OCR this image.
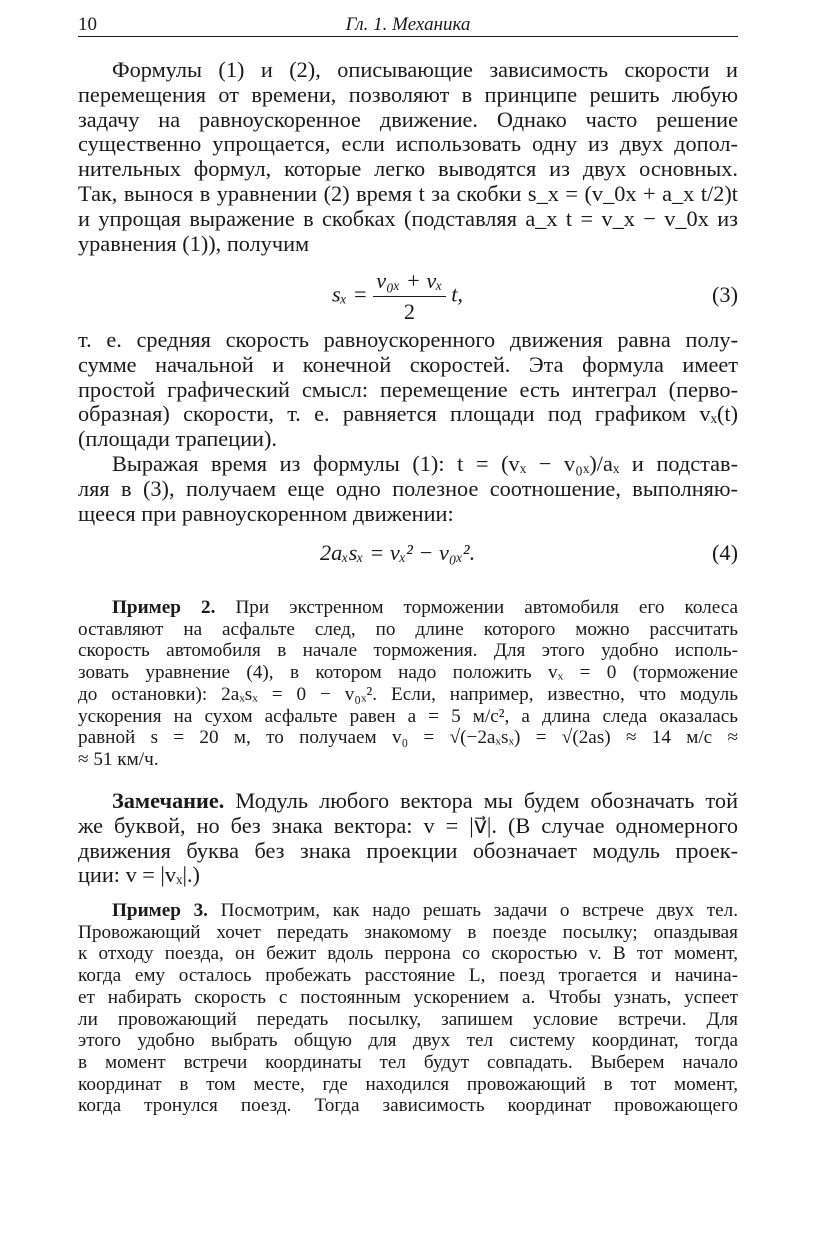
10	Гл. 1. Механика
Формулы (1) и (2), описывающие зависимость скорости и
перемещения от времени, позволяют в принципе решить любую
задачу на равноускоренное движение. Однако часто решение
существенно упрощается, если использовать одну из двух допол-
нительных формул, которые легко выводятся из двух основных.
Так, вынося в уравнении (2) время t за скобки s_x = (v_0x + a_x t/2)t
и упрощая выражение в скобках (подставляя a_x t = v_x − v_0x из
уравнения (1)), получим
$s_x = \frac{\text{v₀ₓ + vₓ}}{2} t$,	(3)
т. е. средняя скорость равноускоренного движения равна полу-
сумме начальной и конечной скоростей. Эта формула имеет
простой графический смысл: перемещение есть интеграл (перво-
образная) скорости, т. е. равняется площади под графиком vₓ(t)
(площади трапеции).
Выражая время из формулы (1): t = (vₓ − v₀ₓ)/aₓ и подстав-
ляя в (3), получаем еще одно полезное соотношение, выполняю-
щееся при равноускоренном движении:
2aₓsₓ = vₓ² − v₀ₓ².	(4)
Пример 2. При экстренном торможении автомобиля его колеса
оставляют на асфальте след, по длине которого можно рассчитать
скорость автомобиля в начале торможения. Для этого удобно исполь-
зовать уравнение (4), в котором надо положить vₓ = 0 (торможение
до остановки): 2aₓsₓ = 0 − v₀ₓ². Если, например, известно, что модуль
ускорения на сухом асфальте равен a = 5 м/с², а длина следа оказалась
равной s = 20 м, то получаем v₀ = √(−2aₓsₓ) = √(2as) ≈ 14 м/с ≈
≈ 51 км/ч.
Замечание. Модуль любого вектора мы будем обозначать той
же буквой, но без знака вектора: v = |v⃗|. (В случае одномерного
движения буква без знака проекции обозначает модуль проек-
ции: v = |vₓ|.)
Пример 3. Посмотрим, как надо решать задачи о встрече двух тел.
Провожающий хочет передать знакомому в поезде посылку; опаздывая
к отходу поезда, он бежит вдоль перрона со скоростью v. В тот момент,
когда ему осталось пробежать расстояние L, поезд трогается и начина-
ет набирать скорость с постоянным ускорением a. Чтобы узнать, успеет
ли провожающий передать посылку, запишем условие встречи. Для
этого удобно выбрать общую для двух тел систему координат, тогда
в момент встречи координаты тел будут совпадать. Выберем начало
координат в том месте, где находился провожающий в тот момент,
когда тронулся поезд. Тогда зависимость координат провожающего
